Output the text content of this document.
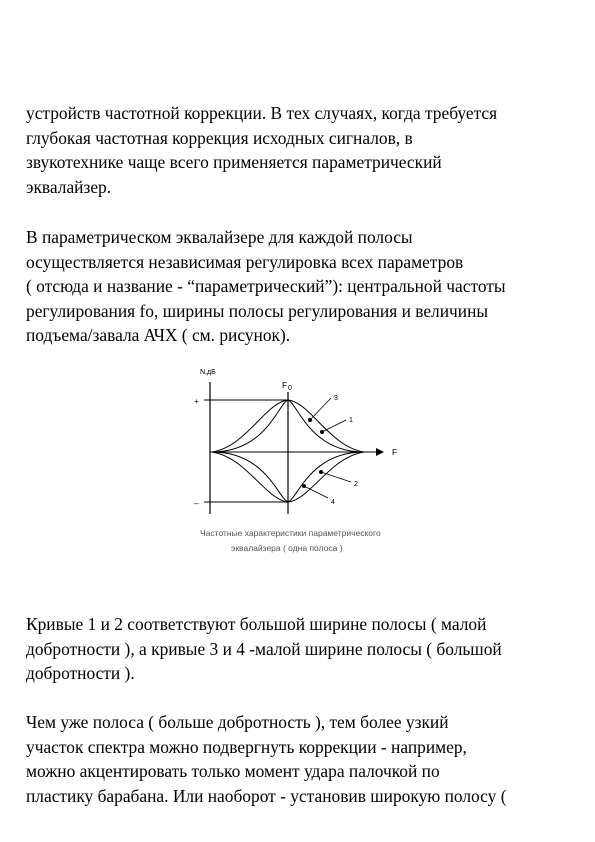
устройств частотной коррекции. В тех случаях, когда требуется
глубокая частотная коррекция исходных сигналов, в
звукотехнике чаще всего применяется параметрический
эквалайзер.
В параметрическом эквалайзере для каждой полосы
осуществляется независимая регулировка всех параметров
( отсюда и название - “параметрический”): центральной частоты
регулирования fo, ширины полосы регулирования и величины
подъема/завала АЧХ ( см. рисунок).
N,дБ
+
–
F 0
F
3
1
2
4
Частотные характеристики параметрического
эквалайзера ( одна полоса )
Кривые 1 и 2 соответствуют большой ширине полосы ( малой
добротности ), а кривые 3 и 4 -малой ширине полосы ( большой
добротности ).
Чем уже полоса ( больше добротность ), тем более узкий
участок спектра можно подвергнуть коррекции - например,
можно акцентировать только момент удара палочкой по
пластику барабана. Или наоборот - установив широкую полосу (
